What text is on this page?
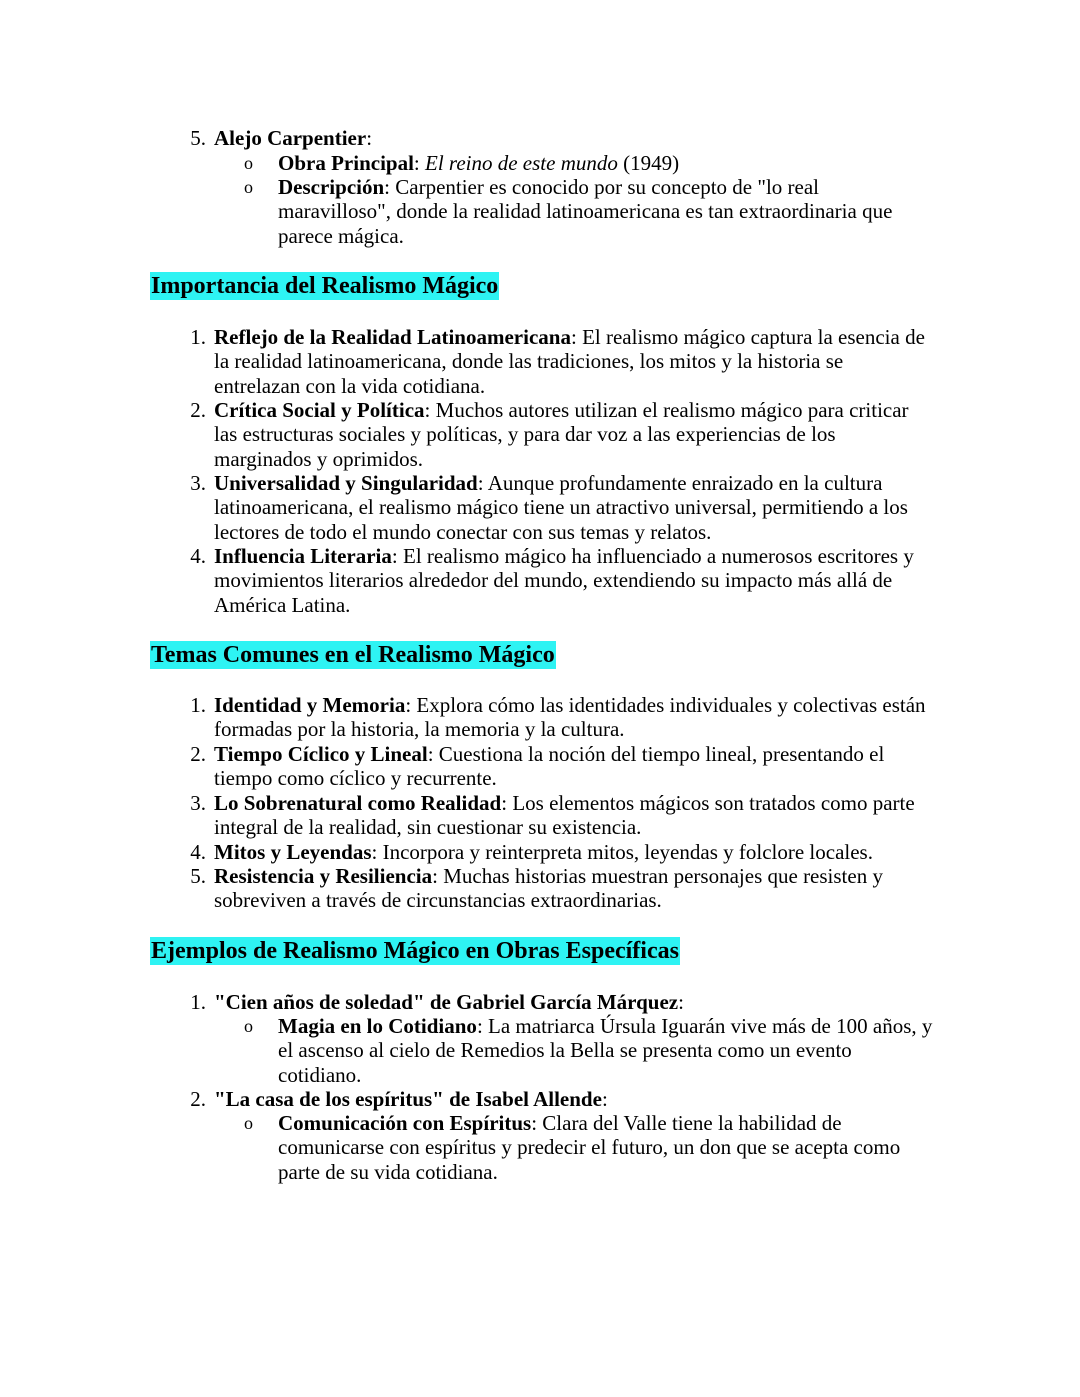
5. Alejo Carpentier:
o Obra Principal: El reino de este mundo (1949)
o Descripción: Carpentier es conocido por su concepto de "lo real maravilloso", donde la realidad latinoamericana es tan extraordinaria que parece mágica.
Importancia del Realismo Mágico
1. Reflejo de la Realidad Latinoamericana: El realismo mágico captura la esencia de la realidad latinoamericana, donde las tradiciones, los mitos y la historia se entrelazan con la vida cotidiana.
2. Crítica Social y Política: Muchos autores utilizan el realismo mágico para criticar las estructuras sociales y políticas, y para dar voz a las experiencias de los marginados y oprimidos.
3. Universalidad y Singularidad: Aunque profundamente enraizado en la cultura latinoamericana, el realismo mágico tiene un atractivo universal, permitiendo a los lectores de todo el mundo conectar con sus temas y relatos.
4. Influencia Literaria: El realismo mágico ha influenciado a numerosos escritores y movimientos literarios alrededor del mundo, extendiendo su impacto más allá de América Latina.
Temas Comunes en el Realismo Mágico
1. Identidad y Memoria: Explora cómo las identidades individuales y colectivas están formadas por la historia, la memoria y la cultura.
2. Tiempo Cíclico y Lineal: Cuestiona la noción del tiempo lineal, presentando el tiempo como cíclico y recurrente.
3. Lo Sobrenatural como Realidad: Los elementos mágicos son tratados como parte integral de la realidad, sin cuestionar su existencia.
4. Mitos y Leyendas: Incorpora y reinterpreta mitos, leyendas y folclore locales.
5. Resistencia y Resiliencia: Muchas historias muestran personajes que resisten y sobreviven a través de circunstancias extraordinarias.
Ejemplos de Realismo Mágico en Obras Específicas
1. "Cien años de soledad" de Gabriel García Márquez:
o Magia en lo Cotidiano: La matriarca Úrsula Iguarán vive más de 100 años, y el ascenso al cielo de Remedios la Bella se presenta como un evento cotidiano.
2. "La casa de los espíritus" de Isabel Allende:
o Comunicación con Espíritus: Clara del Valle tiene la habilidad de comunicarse con espíritus y predecir el futuro, un don que se acepta como parte de su vida cotidiana.
